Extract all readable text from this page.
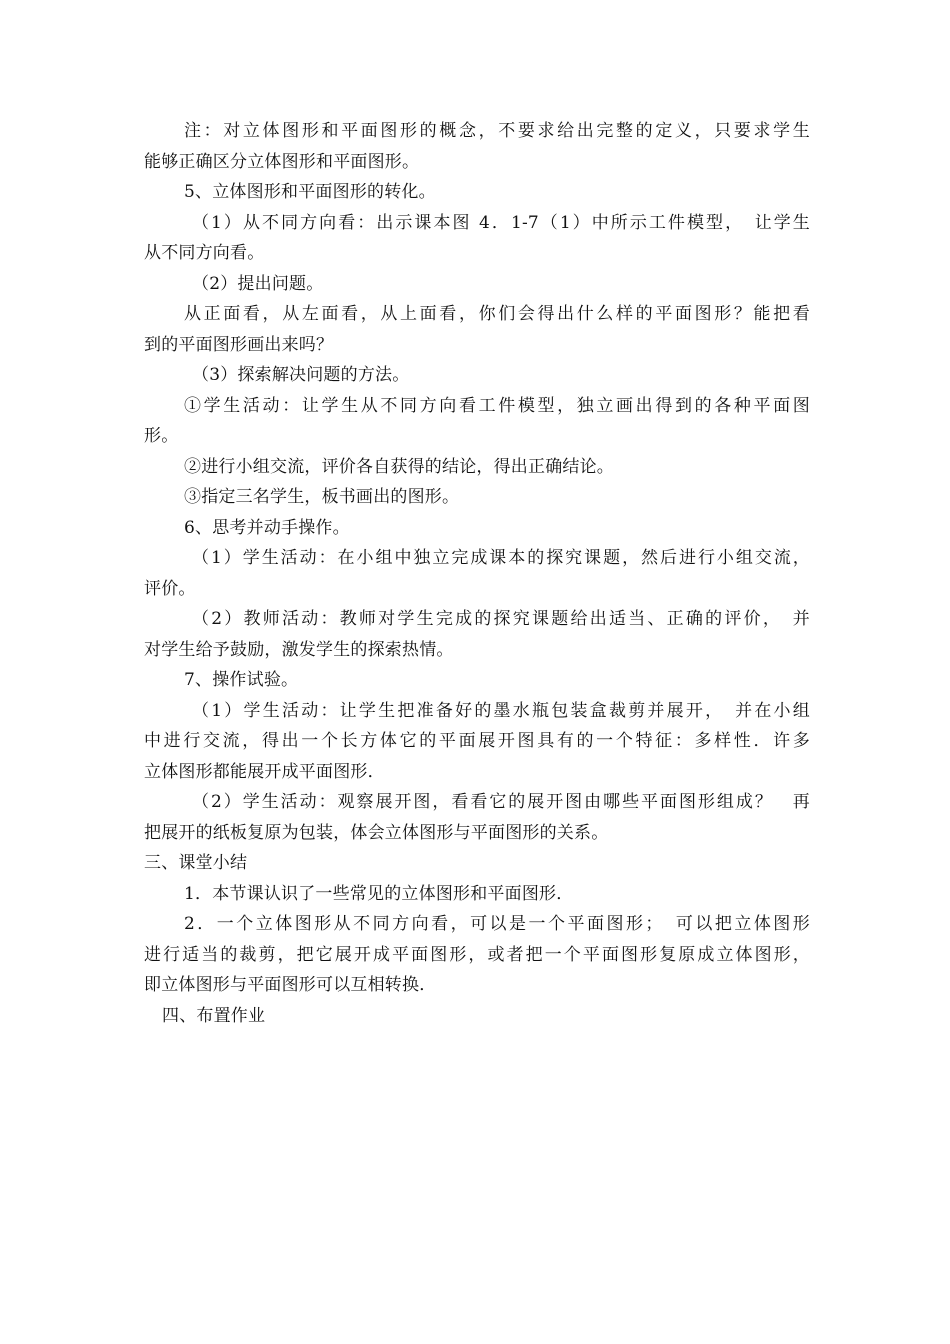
注：对立体图形和平面图形的概念，不要求给出完整的定义，只要求学生
能够正确区分立体图形和平面图形。
5、立体图形和平面图形的转化。
（1）从不同方向看：出示课本图 4．1-7（1）中所示工件模型，　让学生
从不同方向看。
（2）提出问题。
从正面看，从左面看，从上面看，你们会得出什么样的平面图形？能把看
到的平面图形画出来吗？
（3）探索解决问题的方法。
①学生活动：让学生从不同方向看工件模型，独立画出得到的各种平面图
形。
②进行小组交流，评价各自获得的结论，得出正确结论。
③指定三名学生，板书画出的图形。
6、思考并动手操作。
（1）学生活动：在小组中独立完成课本的探究课题，然后进行小组交流，
评价。
（2）教师活动：教师对学生完成的探究课题给出适当、正确的评价，　并
对学生给予鼓励，激发学生的探索热情。
7、操作试验。
（1）学生活动：让学生把准备好的墨水瓶包装盒裁剪并展开，　并在小组
中进行交流，得出一个长方体它的平面展开图具有的一个特征：多样性．许多
立体图形都能展开成平面图形．
（2）学生活动：观察展开图，看看它的展开图由哪些平面图形组成？　再
把展开的纸板复原为包装，体会立体图形与平面图形的关系。
三、课堂小结
1．本节课认识了一些常见的立体图形和平面图形．
2．一个立体图形从不同方向看，可以是一个平面图形；　可以把立体图形
进行适当的裁剪，把它展开成平面图形，或者把一个平面图形复原成立体图形，
即立体图形与平面图形可以互相转换．
四、布置作业
